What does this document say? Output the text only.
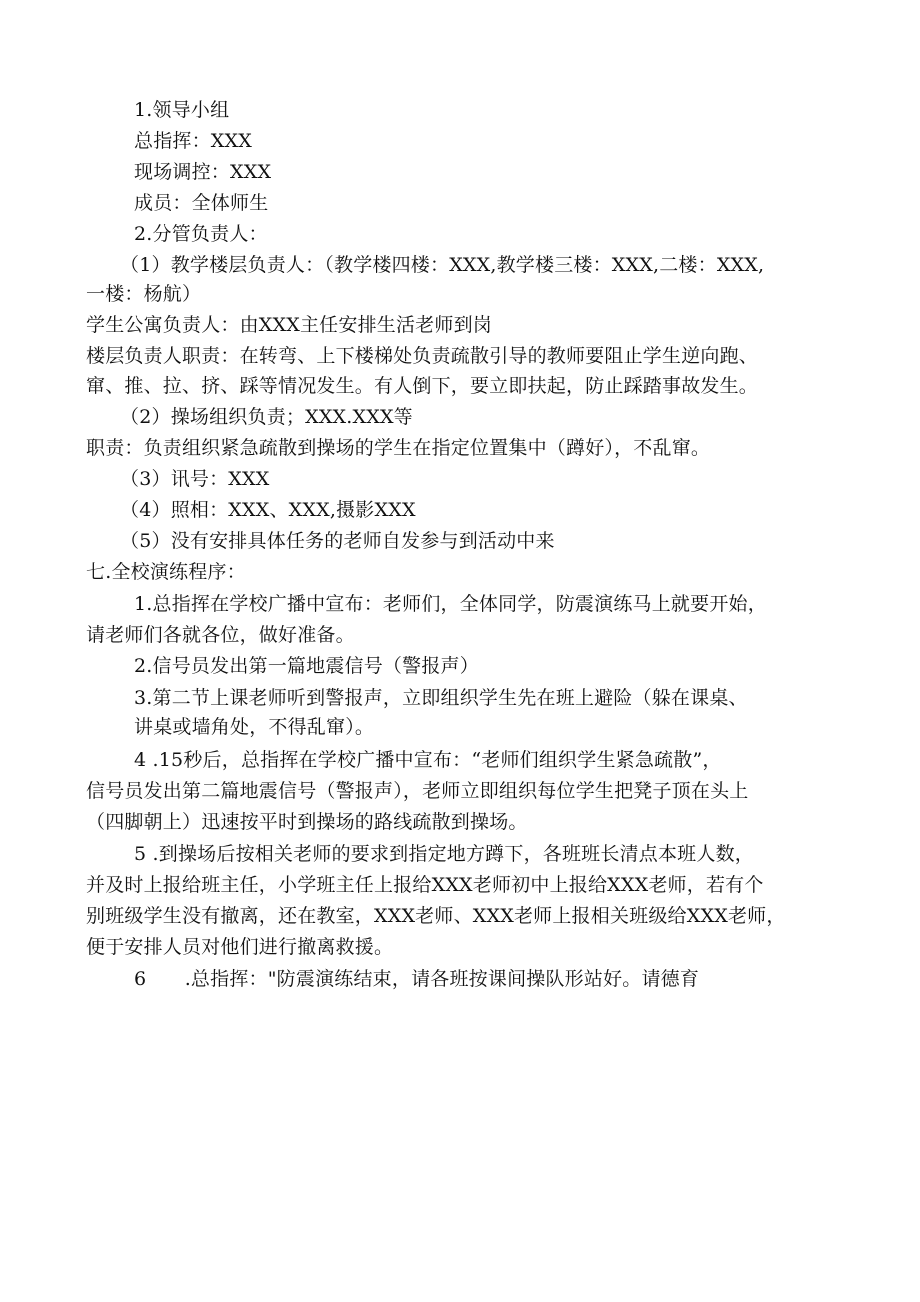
1.领导小组
总指挥：XXX
现场调控：XXX
成员：全体师生
2.分管负责人：
（1）教学楼层负责人：（教学楼四楼：XXX,教学楼三楼：XXX,二楼：XXX,
一楼：杨航）
学生公寓负责人：由XXX主任安排生活老师到岗
楼层负责人职责：在转弯、上下楼梯处负责疏散引导的教师要阻止学生逆向跑、
窜、推、拉、挤、踩等情况发生。有人倒下，要立即扶起，防止踩踏事故发生。
（2）操场组织负责；XXX.XXX等
职责：负责组织紧急疏散到操场的学生在指定位置集中（蹲好），不乱窜。
（3）讯号：XXX
（4）照相：XXX、XXX,摄影XXX
（5）没有安排具体任务的老师自发参与到活动中来
七.全校演练程序：
1.总指挥在学校广播中宣布：老师们，全体同学，防震演练马上就要开始，
请老师们各就各位，做好准备。
2.信号员发出第一篇地震信号（警报声）
3.第二节上课老师听到警报声，立即组织学生先在班上避险（躲在课桌、
讲桌或墙角处，不得乱窜）。
4 .15秒后，总指挥在学校广播中宣布：“老师们组织学生紧急疏散”，
信号员发出第二篇地震信号（警报声），老师立即组织每位学生把凳子顶在头上
（四脚朝上）迅速按平时到操场的路线疏散到操场。
5 .到操场后按相关老师的要求到指定地方蹲下，各班班长清点本班人数，
并及时上报给班主任，小学班主任上报给XXX老师初中上报给XXX老师，若有个
别班级学生没有撤离，还在教室，XXX老师、XXX老师上报相关班级给XXX老师，
便于安排人员对他们进行撤离救援。
6　　.总指挥："防震演练结束，请各班按课间操队形站好。请德育
